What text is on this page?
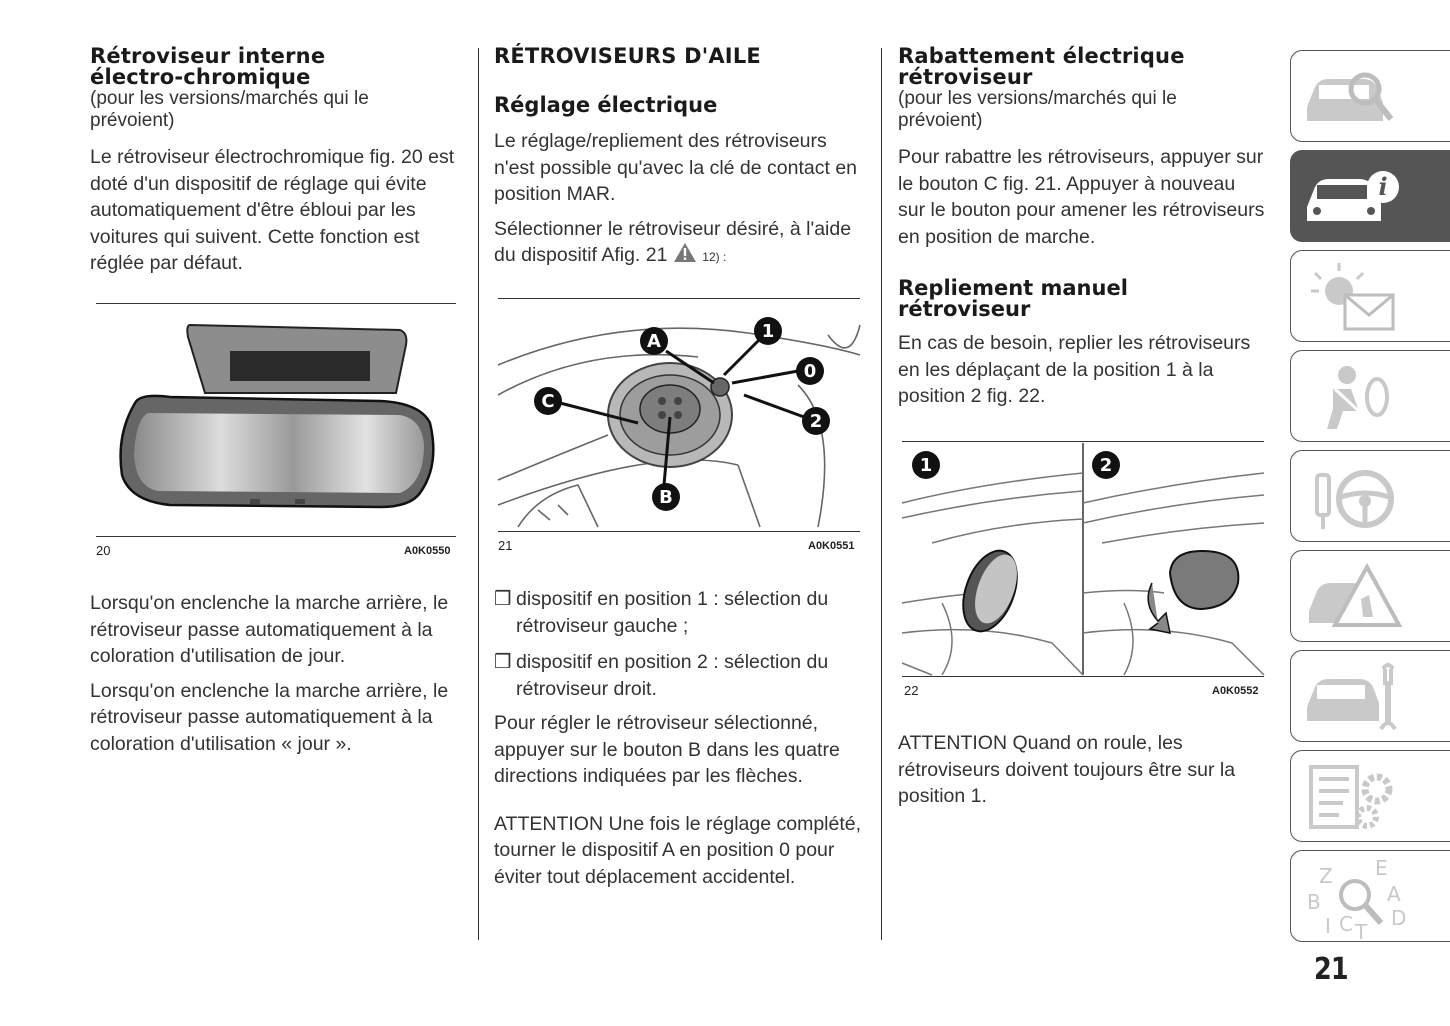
Rétroviseur interne électro-chromique
(pour les versions/marchés qui le prévoient)

Le rétroviseur électrochromique fig. 20 est doté d'un dispositif de réglage qui évite automatiquement d'être ébloui par les voitures qui suivent. Cette fonction est réglée par défaut.

20	A0K0550

Lorsqu'on enclenche la marche arrière, le rétroviseur passe automatiquement à la coloration d'utilisation de jour.

Lorsqu'on enclenche la marche arrière, le rétroviseur passe automatiquement à la coloration d'utilisation « jour ».

RÉTROVISEURS D'AILE
Réglage électrique

Le réglage/repliement des rétroviseurs n'est possible qu'avec la clé de contact en position MAR.

Sélectionner le rétroviseur désiré, à l'aide du dispositif Afig. 21	12) :

A	1
0
C
2
B
21	A0K0551

❒ dispositif en position 1 : sélection du rétroviseur gauche ;

❒ dispositif en position 2 : sélection du rétroviseur droit.

Pour régler le rétroviseur sélectionné, appuyer sur le bouton B dans les quatre directions indiquées par les flèches.

ATTENTION Une fois le réglage complété, tourner le dispositif A en position 0 pour éviter tout déplacement accidentel.

Rabattement électrique rétroviseur
(pour les versions/marchés qui le prévoient)

Pour rabattre les rétroviseurs, appuyer sur le bouton C fig. 21. Appuyer à nouveau sur le bouton pour amener les rétroviseurs en position de marche.

Repliement manuel rétroviseur

En cas de besoin, replier les rétroviseurs en les déplaçant de la position 1 à la position 2 fig. 22.

1	2
22	A0K0552

ATTENTION Quand on roule, les rétroviseurs doivent toujours être sur la position 1.

i
Z E
A
B
D
C T
I
21
